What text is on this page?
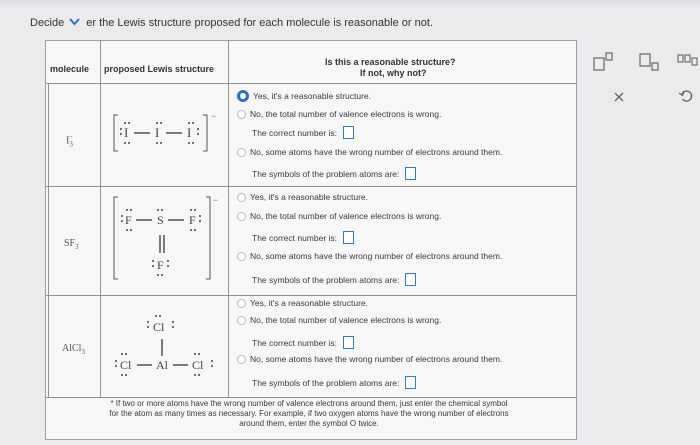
Decide er the Lewis structure proposed for each molecule is reasonable or not.
molecule proposed Lewis structure
Is this a reasonable structure?
If not, why not?
$I_3^-$
−
I I I
Yes, it's a reasonable structure.
No, the total number of valence electrons is wrong.
The correct number is:
No, some atoms have the wrong number of electrons around them.
The symbols of the problem atoms are:
$SF_3$
−
F S F
F
Yes, it's a reasonable structure.
No, the total number of valence electrons is wrong.
The correct number is:
No, some atoms have the wrong number of electrons around them.
The symbols of the problem atoms are:
AlCl$_3$
Cl
Cl Al Cl
Yes, it's a reasonable structure.
No, the total number of valence electrons is wrong.
The correct number is:
No, some atoms have the wrong number of electrons around them.
The symbols of the problem atoms are:
* If two or more atoms have the wrong number of valence electrons around them, just enter the chemical symbol
for the atom as many times as necessary. For example, if two oxygen atoms have the wrong number of electrons
around them, enter the symbol O twice.
